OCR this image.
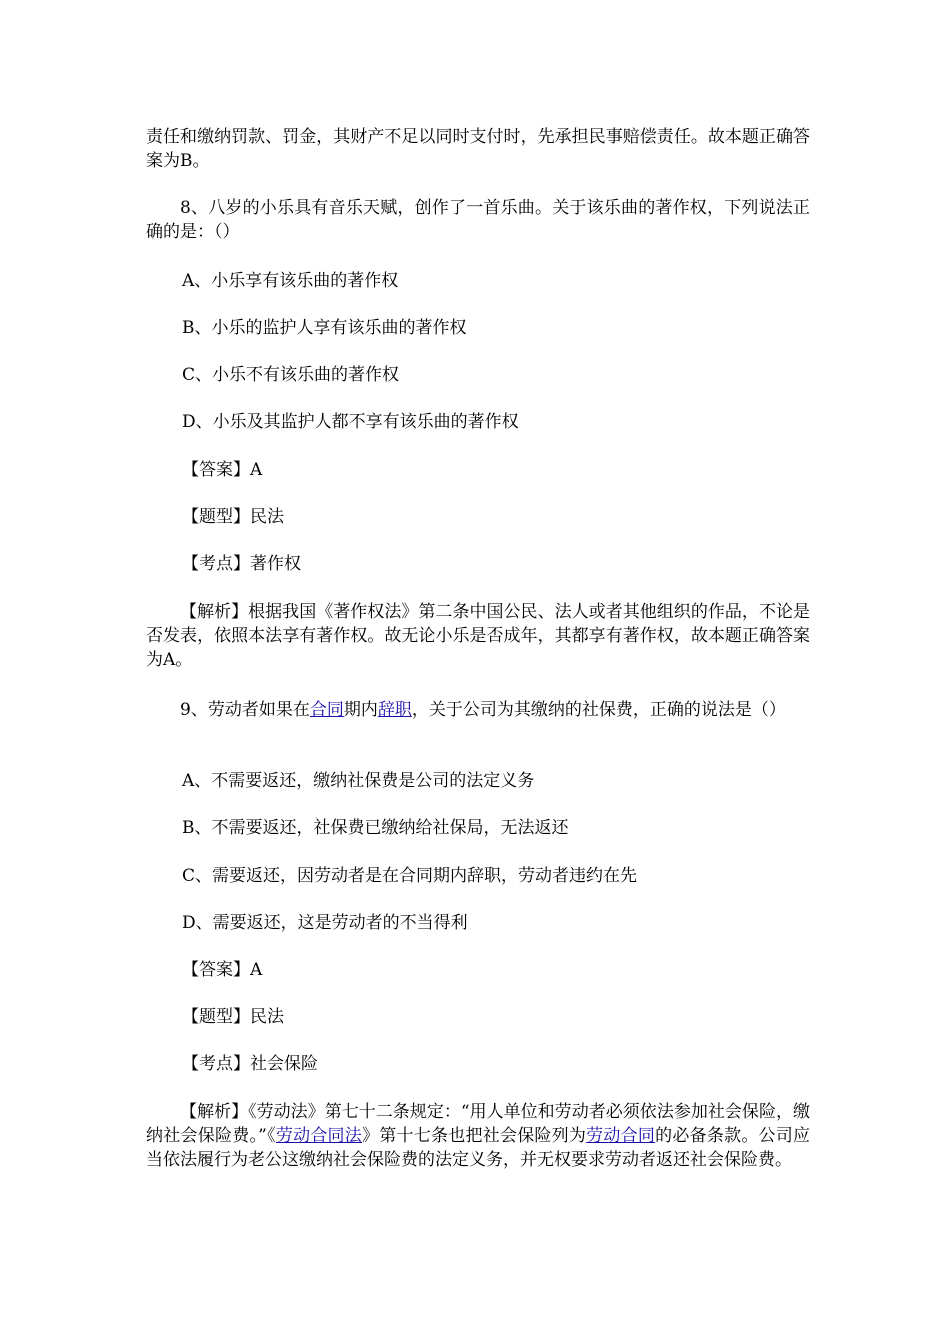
责任和缴纳罚款、罚金，其财产不足以同时支付时，先承担民事赔偿责任。故本题正确答案为B。
8、八岁的小乐具有音乐天赋，创作了一首乐曲。关于该乐曲的著作权，下列说法正确的是：（）
A、小乐享有该乐曲的著作权
B、小乐的监护人享有该乐曲的著作权
C、小乐不有该乐曲的著作权
D、小乐及其监护人都不享有该乐曲的著作权
【答案】A
【题型】民法
【考点】著作权
【解析】根据我国《著作权法》第二条中国公民、法人或者其他组织的作品，不论是否发表，依照本法享有著作权。故无论小乐是否成年，其都享有著作权，故本题正确答案为A。
9、劳动者如果在合同期内辞职，关于公司为其缴纳的社保费，正确的说法是（）
A、不需要返还，缴纳社保费是公司的法定义务
B、不需要返还，社保费已缴纳给社保局，无法返还
C、需要返还，因劳动者是在合同期内辞职，劳动者违约在先
D、需要返还，这是劳动者的不当得利
【答案】A
【题型】民法
【考点】社会保险
【解析】《劳动法》第七十二条规定：“用人单位和劳动者必须依法参加社会保险，缴纳社会保险费。”《劳动合同法》第十七条也把社会保险列为劳动合同的必备条款。公司应当依法履行为老公这缴纳社会保险费的法定义务，并无权要求劳动者返还社会保险费。
